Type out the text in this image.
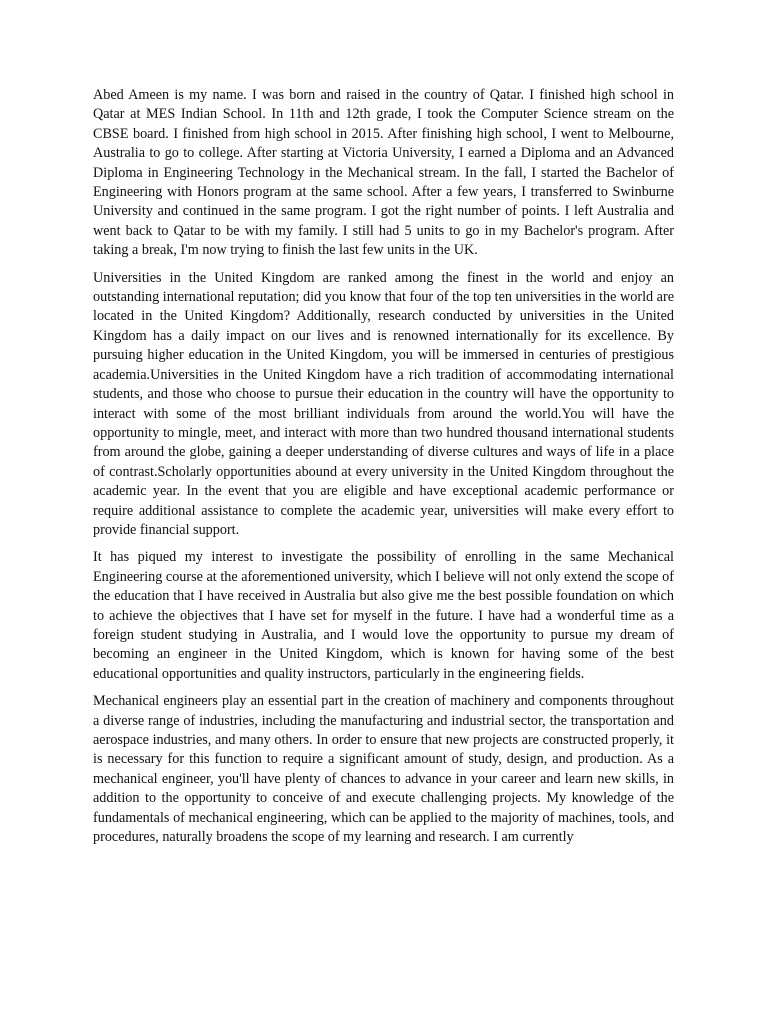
Abed Ameen is my name. I was born and raised in the country of Qatar. I finished high school in Qatar at MES Indian School. In 11th and 12th grade, I took the Computer Science stream on the CBSE board. I finished from high school in 2015. After finishing high school, I went to Melbourne, Australia to go to college. After starting at Victoria University, I earned a Diploma and an Advanced Diploma in Engineering Technology in the Mechanical stream. In the fall, I started the Bachelor of Engineering with Honors program at the same school. After a few years, I transferred to Swinburne University and continued in the same program. I got the right number of points. I left Australia and went back to Qatar to be with my family. I still had 5 units to go in my Bachelor's program. After taking a break, I'm now trying to finish the last few units in the UK.

Universities in the United Kingdom are ranked among the finest in the world and enjoy an outstanding international reputation; did you know that four of the top ten universities in the world are located in the United Kingdom? Additionally, research conducted by universities in the United Kingdom has a daily impact on our lives and is renowned internationally for its excellence. By pursuing higher education in the United Kingdom, you will be immersed in centuries of prestigious academia.Universities in the United Kingdom have a rich tradition of accommodating international students, and those who choose to pursue their education in the country will have the opportunity to interact with some of the most brilliant individuals from around the world.You will have the opportunity to mingle, meet, and interact with more than two hundred thousand international students from around the globe, gaining a deeper understanding of diverse cultures and ways of life in a place of contrast.Scholarly opportunities abound at every university in the United Kingdom throughout the academic year. In the event that you are eligible and have exceptional academic performance or require additional assistance to complete the academic year, universities will make every effort to provide financial support.

It has piqued my interest to investigate the possibility of enrolling in the same Mechanical Engineering course at the aforementioned university, which I believe will not only extend the scope of the education that I have received in Australia but also give me the best possible foundation on which to achieve the objectives that I have set for myself in the future. I have had a wonderful time as a foreign student studying in Australia, and I would love the opportunity to pursue my dream of becoming an engineer in the United Kingdom, which is known for having some of the best educational opportunities and quality instructors, particularly in the engineering fields.

Mechanical engineers play an essential part in the creation of machinery and components throughout a diverse range of industries, including the manufacturing and industrial sector, the transportation and aerospace industries, and many others. In order to ensure that new projects are constructed properly, it is necessary for this function to require a significant amount of study, design, and production. As a mechanical engineer, you'll have plenty of chances to advance in your career and learn new skills, in addition to the opportunity to conceive of and execute challenging projects. My knowledge of the fundamentals of mechanical engineering, which can be applied to the majority of machines, tools, and procedures, naturally broadens the scope of my learning and research. I am currently
